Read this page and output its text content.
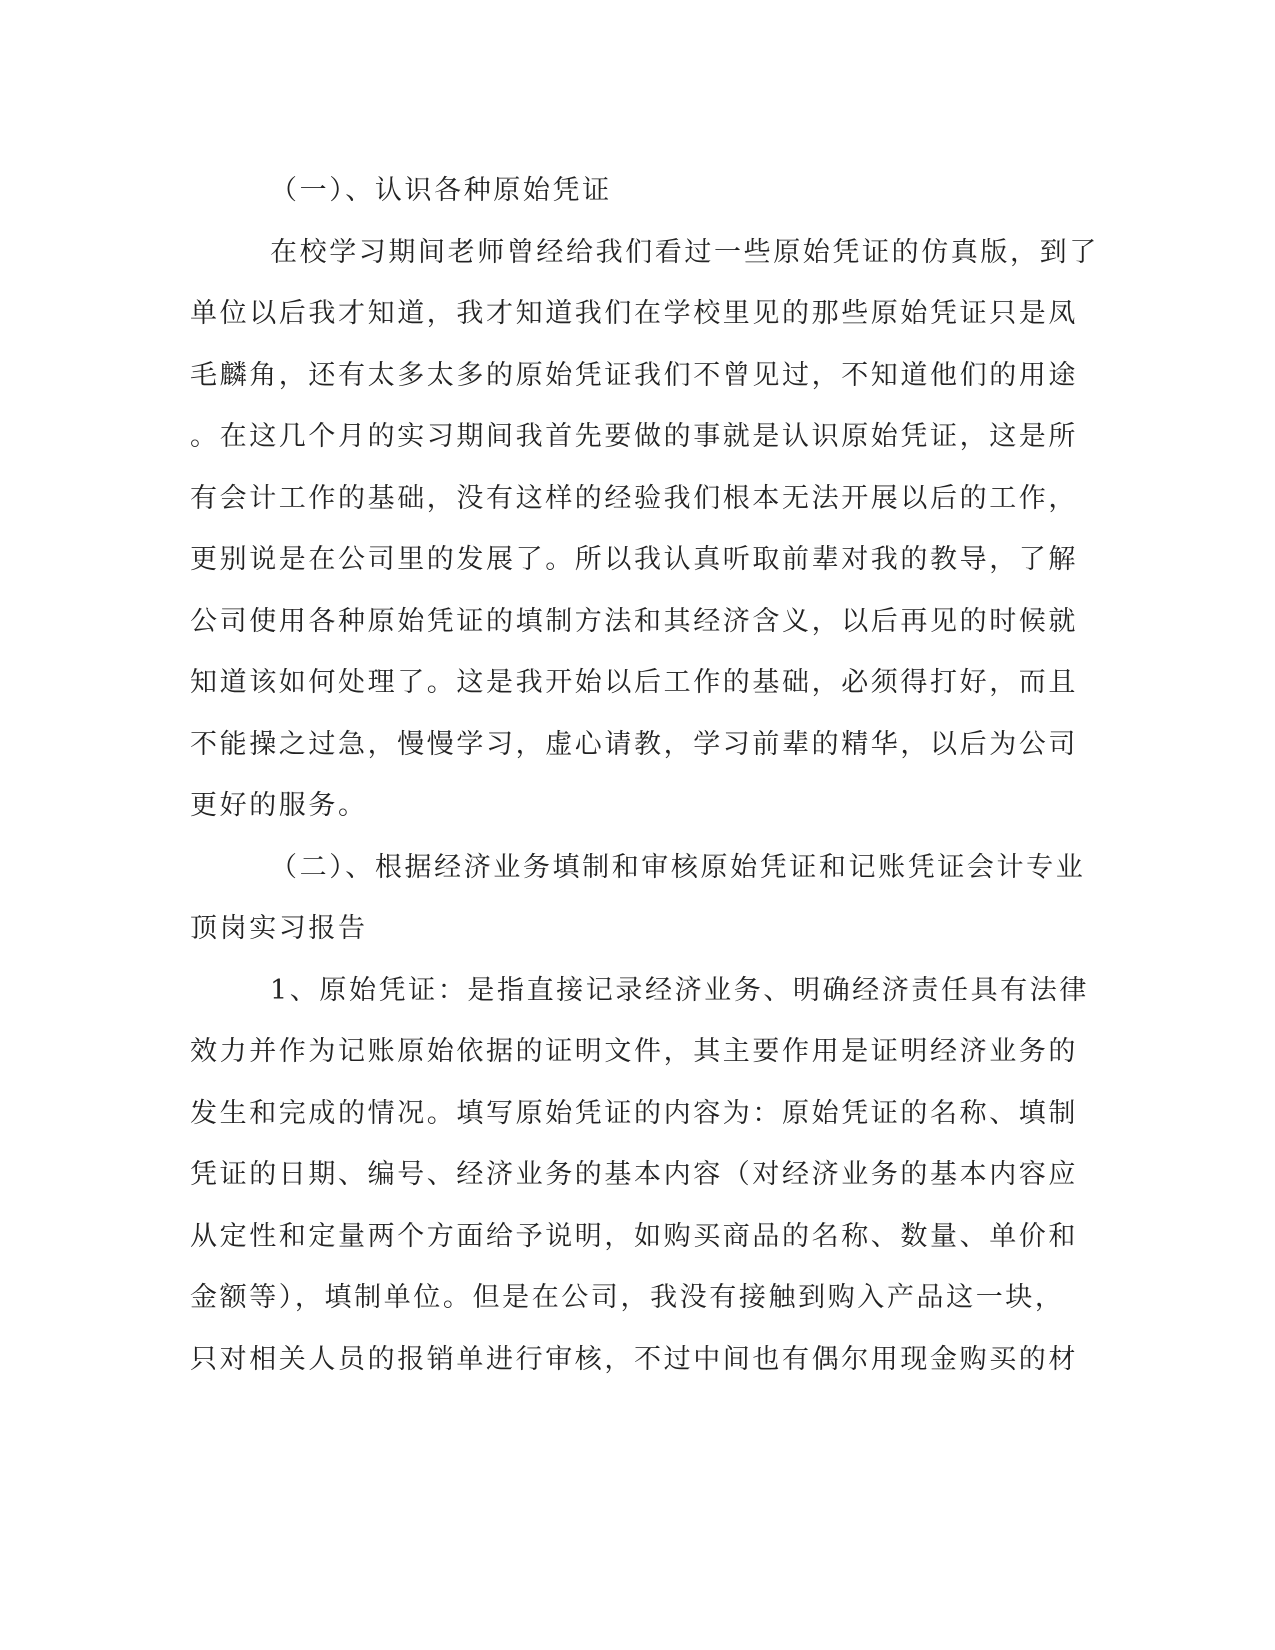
（一）、认识各种原始凭证
在校学习期间老师曾经给我们看过一些原始凭证的仿真版，到了
单位以后我才知道，我才知道我们在学校里见的那些原始凭证只是凤
毛麟角，还有太多太多的原始凭证我们不曾见过，不知道他们的用途
。在这几个月的实习期间我首先要做的事就是认识原始凭证，这是所
有会计工作的基础，没有这样的经验我们根本无法开展以后的工作，
更别说是在公司里的发展了。所以我认真听取前辈对我的教导，了解
公司使用各种原始凭证的填制方法和其经济含义，以后再见的时候就
知道该如何处理了。这是我开始以后工作的基础，必须得打好，而且
不能操之过急，慢慢学习，虚心请教，学习前辈的精华，以后为公司
更好的服务。
（二）、根据经济业务填制和审核原始凭证和记账凭证会计专业
顶岗实习报告
1、原始凭证：是指直接记录经济业务、明确经济责任具有法律
效力并作为记账原始依据的证明文件，其主要作用是证明经济业务的
发生和完成的情况。填写原始凭证的内容为：原始凭证的名称、填制
凭证的日期、编号、经济业务的基本内容（对经济业务的基本内容应
从定性和定量两个方面给予说明，如购买商品的名称、数量、单价和
金额等），填制单位。但是在公司，我没有接触到购入产品这一块，
只对相关人员的报销单进行审核，不过中间也有偶尔用现金购买的材
